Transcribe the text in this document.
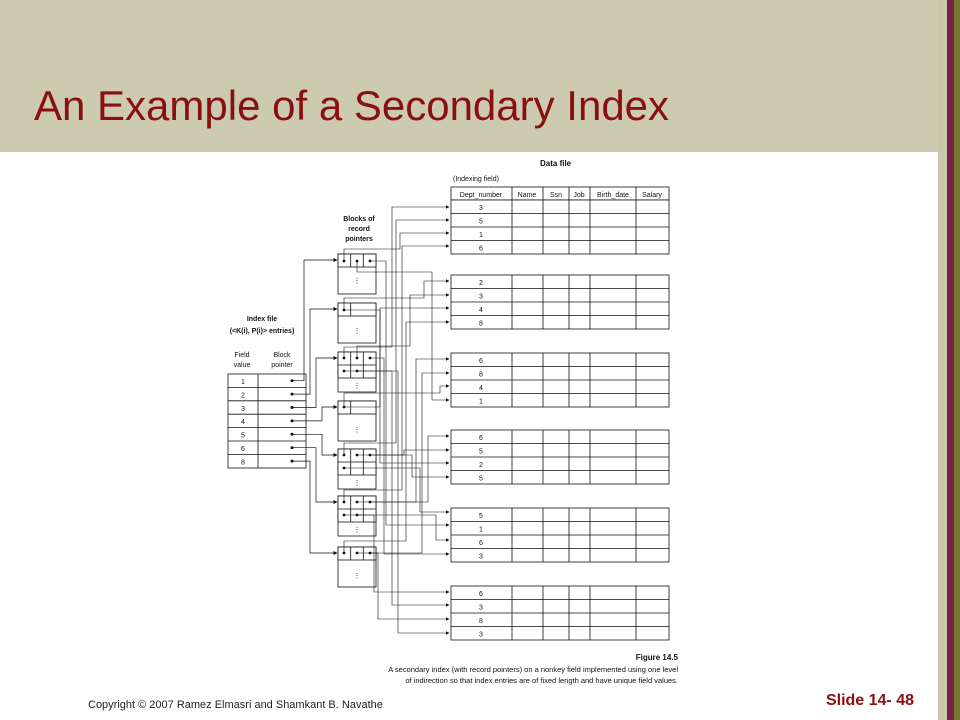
An Example of a Secondary Index
Data file
(Indexing field)
Dept_number Name Ssn Job Birth_date Salary
3
5
1
6
2
3
4
8
6
8
4
1
6
5
2
5
5
1
6
3
6
3
8
3
Blocks of
record
pointers
⋮
⋮
⋮
⋮
⋮
⋮
⋮
Index file
(<K(i), P(i)> entries)
Field
value
Block
pointer
1
2
3
4
5
6
8
Figure 14.5
A secondary index (with record pointers) on a nonkey field implemented using one level
of indirection so that index entries are of fixed length and have unique field values.
Copyright © 2007 Ramez Elmasri and Shamkant B. Navathe	Slide 14- 48
